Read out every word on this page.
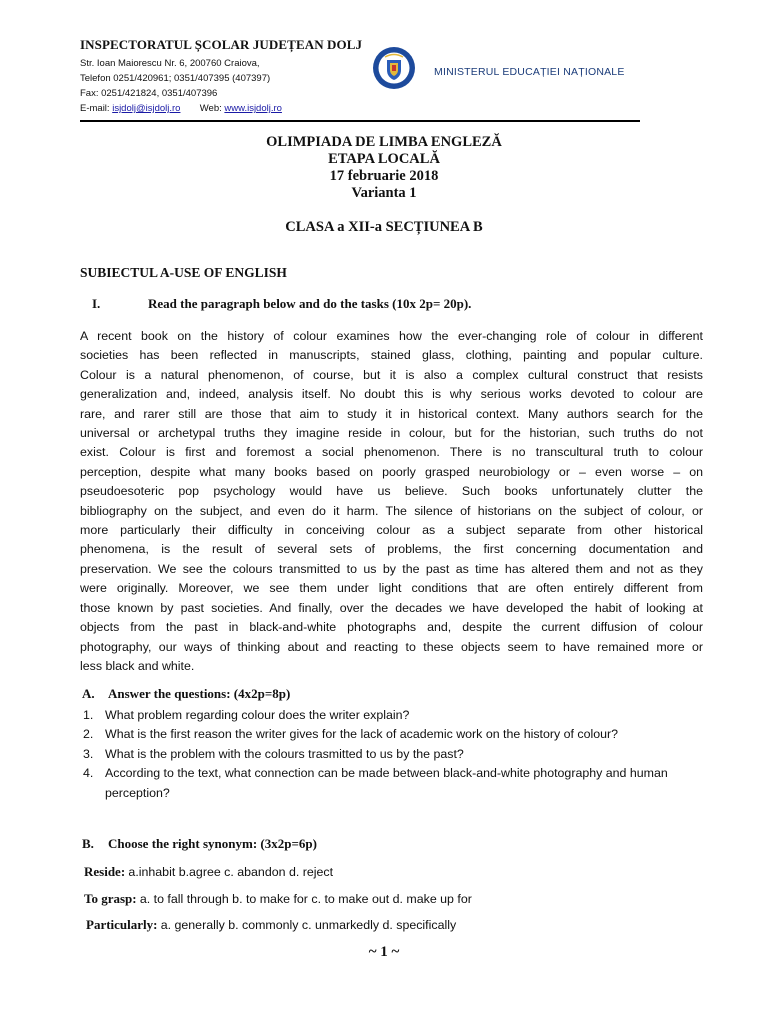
INSPECTORATUL ȘCOLAR JUDEȚEAN DOLJ
Str. Ioan Maiorescu Nr. 6, 200760 Craiova,
Telefon 0251/420961; 0351/407395 (407397)
Fax: 0251/421824, 0351/407396
E-mail: isjdolj@isjdolj.ro Web: www.isjdolj.ro
MINISTERUL EDUCAȚIEI NAȚIONALE
OLIMPIADA DE LIMBA ENGLEZĂ
ETAPA LOCALĂ
17 februarie 2018
Varianta 1
CLASA a XII-a SECȚIUNEA B
SUBIECTUL A-USE OF ENGLISH
I.	Read the paragraph below and do the tasks (10x 2p= 20p).
A recent book on the history of colour examines how the ever-changing role of colour in different
societies has been reflected in manuscripts, stained glass, clothing, painting and popular culture.
Colour is a natural phenomenon, of course, but it is also a complex cultural construct that resists
generalization and, indeed, analysis itself. No doubt this is why serious works devoted to colour are
rare, and rarer still are those that aim to study it in historical context. Many authors search for the
universal or archetypal truths they imagine reside in colour, but for the historian, such truths do not
exist. Colour is first and foremost a social phenomenon. There is no transcultural truth to colour
perception, despite what many books based on poorly grasped neurobiology or – even worse – on
pseudoesoteric pop psychology would have us believe. Such books unfortunately clutter the
bibliography on the subject, and even do it harm. The silence of historians on the subject of colour, or
more particularly their difficulty in conceiving colour as a subject separate from other historical
phenomena, is the result of several sets of problems, the first concerning documentation and
preservation. We see the colours transmitted to us by the past as time has altered them and not as they
were originally. Moreover, we see them under light conditions that are often entirely different from
those known by past societies. And finally, over the decades we have developed the habit of looking at
objects from the past in black-and-white photographs and, despite the current diffusion of colour
photography, our ways of thinking about and reacting to these objects seem to have remained more or
less black and white.
A. Answer the questions: (4x2p=8p)
1. What problem regarding colour does the writer explain?
2. What is the first reason the writer gives for the lack of academic work on the history of colour?
3. What is the problem with the colours trasmitted to us by the past?
4. According to the text, what connection can be made between black-and-white photography and human perception?
B. Choose the right synonym: (3x2p=6p)
Reside: a.inhabit b.agree c. abandon d. reject
To grasp: a. to fall through b. to make for c. to make out d. make up for
Particularly: a. generally b. commonly c. unmarkedly d. specifically
~ 1 ~
